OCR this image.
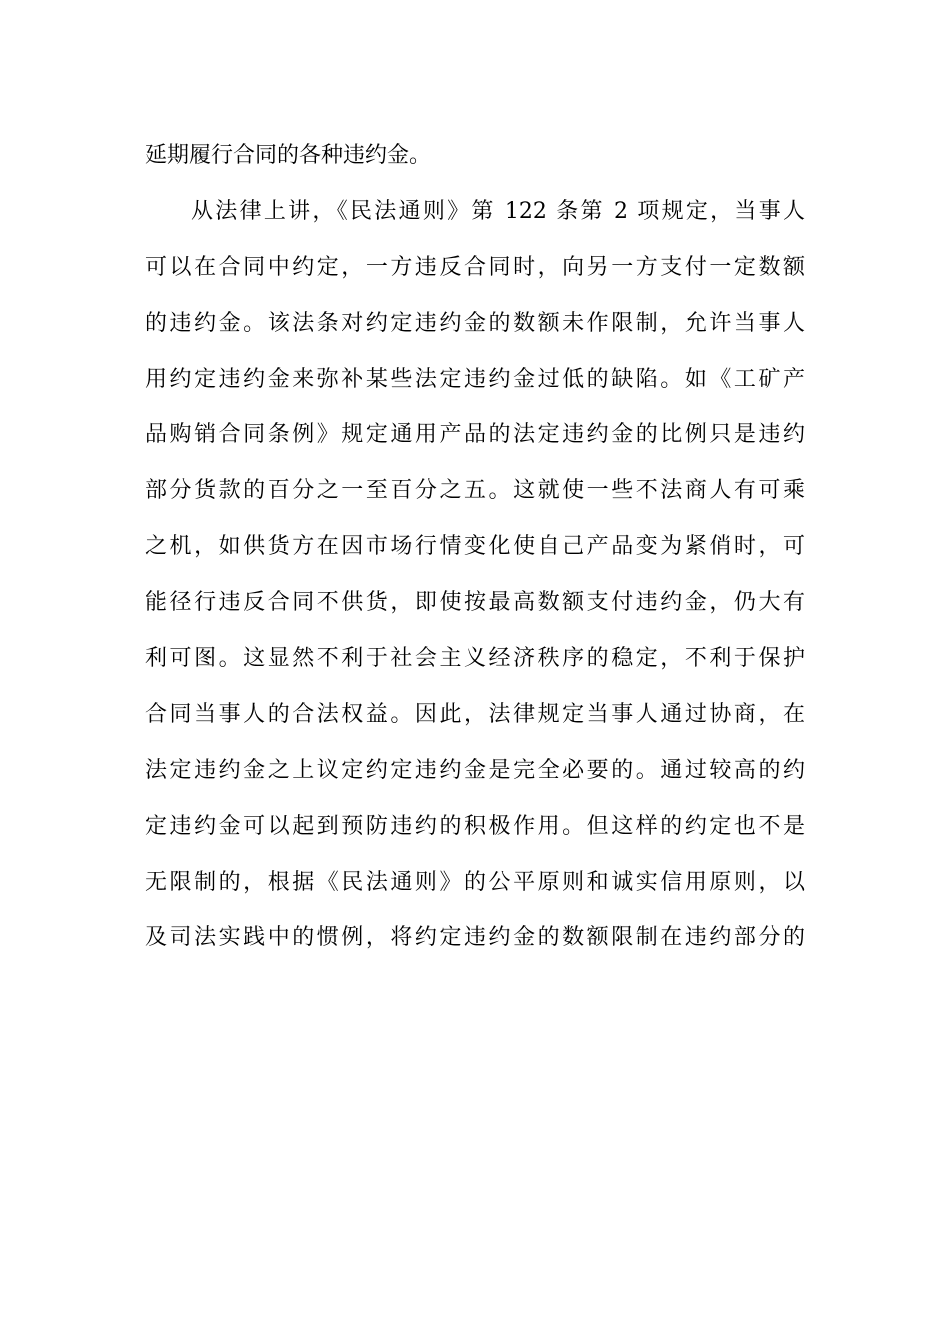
延期履行合同的各种违约金。
从法律上讲，《民法通则》第 122 条第 2 项规定，当事人
可以在合同中约定，一方违反合同时，向另一方支付一定数额
的违约金。该法条对约定违约金的数额未作限制，允许当事人
用约定违约金来弥补某些法定违约金过低的缺陷。如《工矿产
品购销合同条例》规定通用产品的法定违约金的比例只是违约
部分货款的百分之一至百分之五。这就使一些不法商人有可乘
之机，如供货方在因市场行情变化使自己产品变为紧俏时，可
能径行违反合同不供货，即使按最高数额支付违约金，仍大有
利可图。这显然不利于社会主义经济秩序的稳定，不利于保护
合同当事人的合法权益。因此，法律规定当事人通过协商，在
法定违约金之上议定约定违约金是完全必要的。通过较高的约
定违约金可以起到预防违约的积极作用。但这样的约定也不是
无限制的，根据《民法通则》的公平原则和诚实信用原则，以
及司法实践中的惯例，将约定违约金的数额限制在违约部分的
